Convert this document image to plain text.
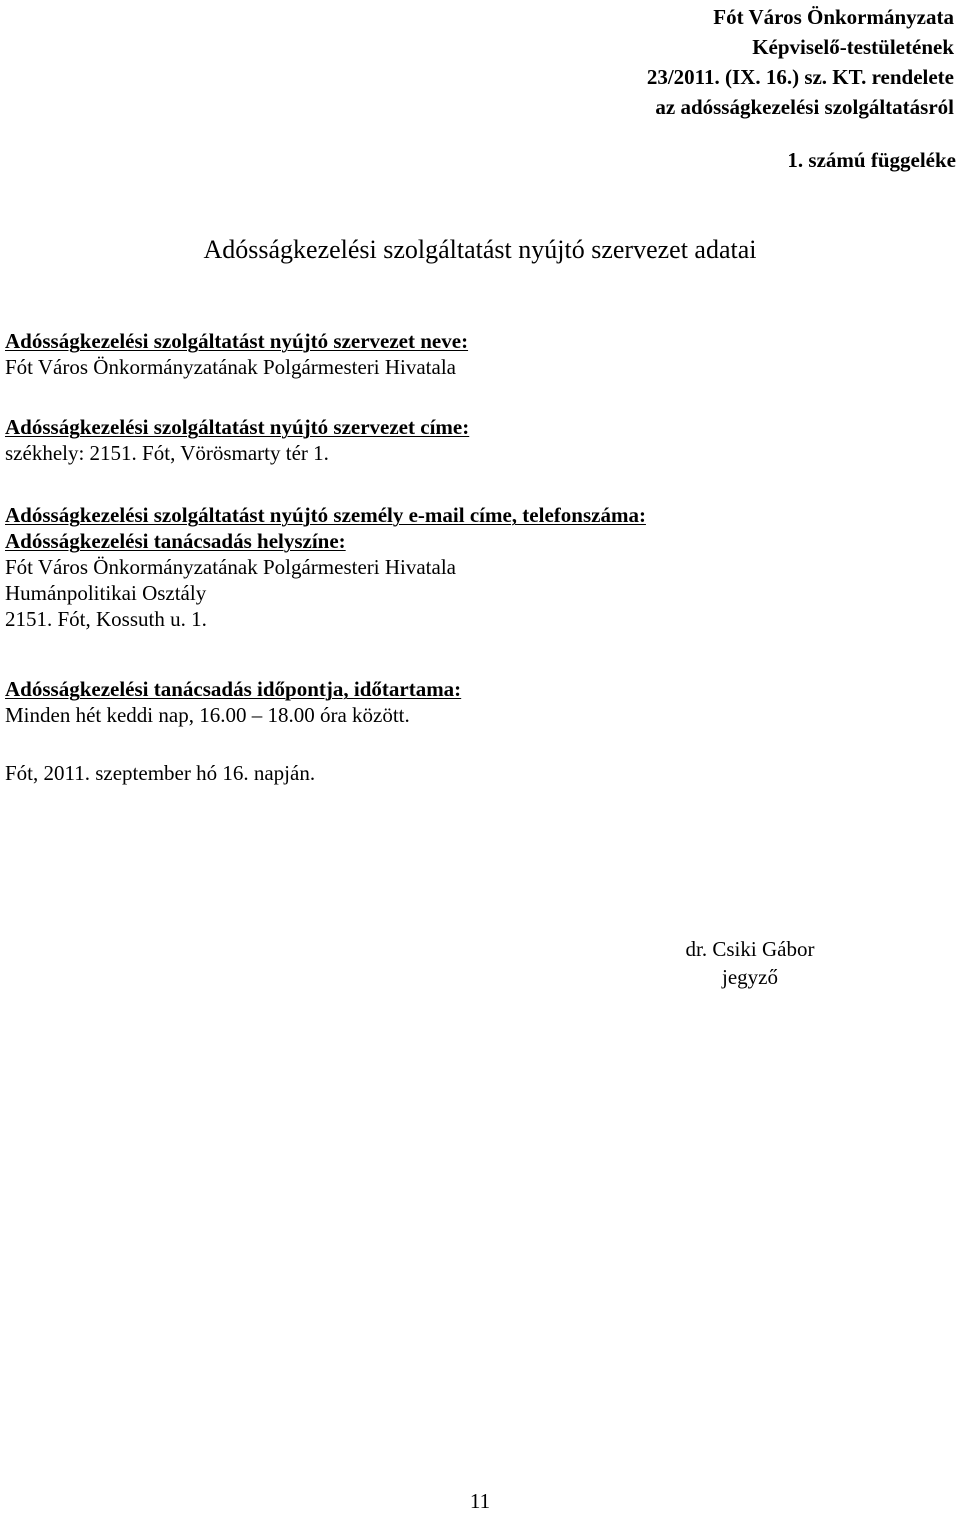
Fót Város Önkormányzata
Képviselő-testületének
23/2011. (IX. 16.) sz. KT. rendelete
az adósságkezelési szolgáltatásról
1. számú függeléke
Adósságkezelési szolgáltatást nyújtó szervezet adatai
Adósságkezelési szolgáltatást nyújtó szervezet neve:
Fót Város Önkormányzatának Polgármesteri Hivatala
Adósságkezelési szolgáltatást nyújtó szervezet címe:
székhely: 2151. Fót, Vörösmarty tér 1.
Adósságkezelési szolgáltatást nyújtó személy e-mail címe, telefonszáma:
Adósságkezelési tanácsadás helyszíne:
Fót Város Önkormányzatának Polgármesteri Hivatala
Humánpolitikai Osztály
2151. Fót, Kossuth u. 1.
Adósságkezelési tanácsadás időpontja, időtartama:
Minden hét keddi nap, 16.00 – 18.00 óra között.
Fót, 2011. szeptember hó 16. napján.
dr. Csiki Gábor
jegyző
11
